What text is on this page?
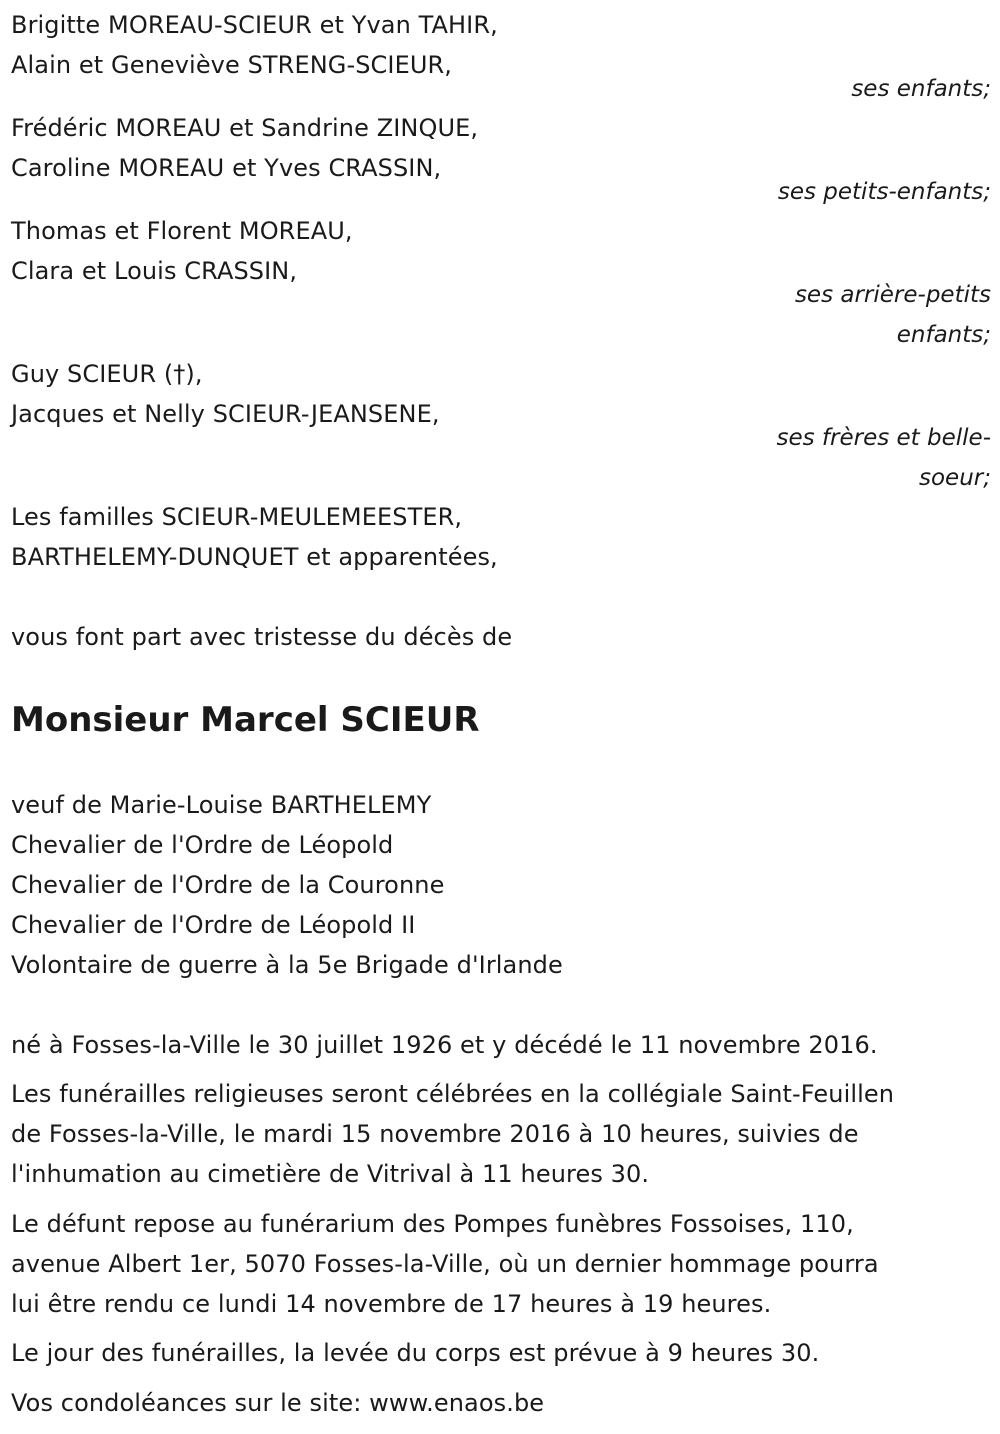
Brigitte MOREAU-SCIEUR et Yvan TAHIR,
Alain et Geneviève STRENG-SCIEUR,
ses enfants;
Frédéric MOREAU et Sandrine ZINQUE,
Caroline MOREAU et Yves CRASSIN,
ses petits-enfants;
Thomas et Florent MOREAU,
Clara et Louis CRASSIN,
ses arrière-petits
enfants;
Guy SCIEUR (†),
Jacques et Nelly SCIEUR-JEANSENE,
ses frères et belle-
soeur;
Les familles SCIEUR-MEULEMEESTER,
BARTHELEMY-DUNQUET et apparentées,
vous font part avec tristesse du décès de
Monsieur Marcel SCIEUR
veuf de Marie-Louise BARTHELEMY
Chevalier de l'Ordre de Léopold
Chevalier de l'Ordre de la Couronne
Chevalier de l'Ordre de Léopold II
Volontaire de guerre à la 5e Brigade d'Irlande
né à Fosses-la-Ville le 30 juillet 1926 et y décédé le 11 novembre 2016.
Les funérailles religieuses seront célébrées en la collégiale Saint-Feuillen
de Fosses-la-Ville, le mardi 15 novembre 2016 à 10 heures, suivies de
l'inhumation au cimetière de Vitrival à 11 heures 30.
Le défunt repose au funérarium des Pompes funèbres Fossoises, 110,
avenue Albert 1er, 5070 Fosses-la-Ville, où un dernier hommage pourra
lui être rendu ce lundi 14 novembre de 17 heures à 19 heures.
Le jour des funérailles, la levée du corps est prévue à 9 heures 30.
Vos condoléances sur le site: www.enaos.be
